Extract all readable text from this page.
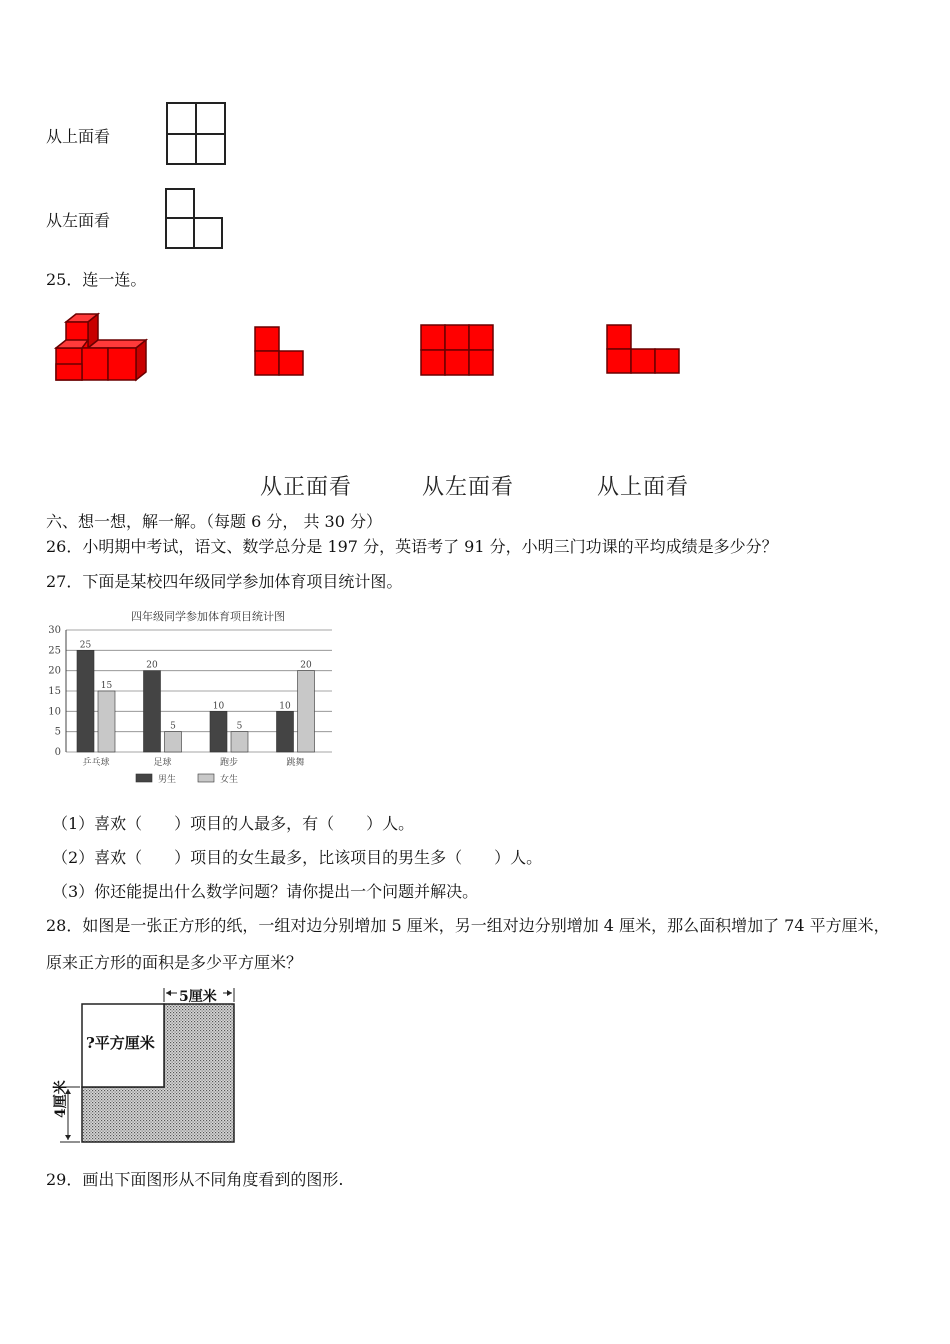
从上面看
从左面看
25．连一连。
从正面看	从左面看	从上面看
六、想一想，解一解。（每题 6 分， 共 30 分）
26．小明期中考试，语文、数学总分是 197 分，英语考了 91 分，小明三门功课的平均成绩是多少分？
27．下面是某校四年级同学参加体育项目统计图。
四年级同学参加体育项目统计图
0
5
10
15
20
25
30
25
15
乒乓球
20
5
足球
10
5
跑步
10
20
跳舞
男生	女生
（1）喜欢（　　）项目的人最多，有（　　）人。
（2）喜欢（　　）项目的女生最多，比该项目的男生多（　　）人。
（3）你还能提出什么数学问题？请你提出一个问题并解决。
28．如图是一张正方形的纸，一组对边分别增加 5 厘米，另一组对边分别增加 4 厘米，那么面积增加了 74 平方厘米，
原来正方形的面积是多少平方厘米？
5厘米
4厘米
?平方厘米
29．画出下面图形从不同角度看到的图形.
